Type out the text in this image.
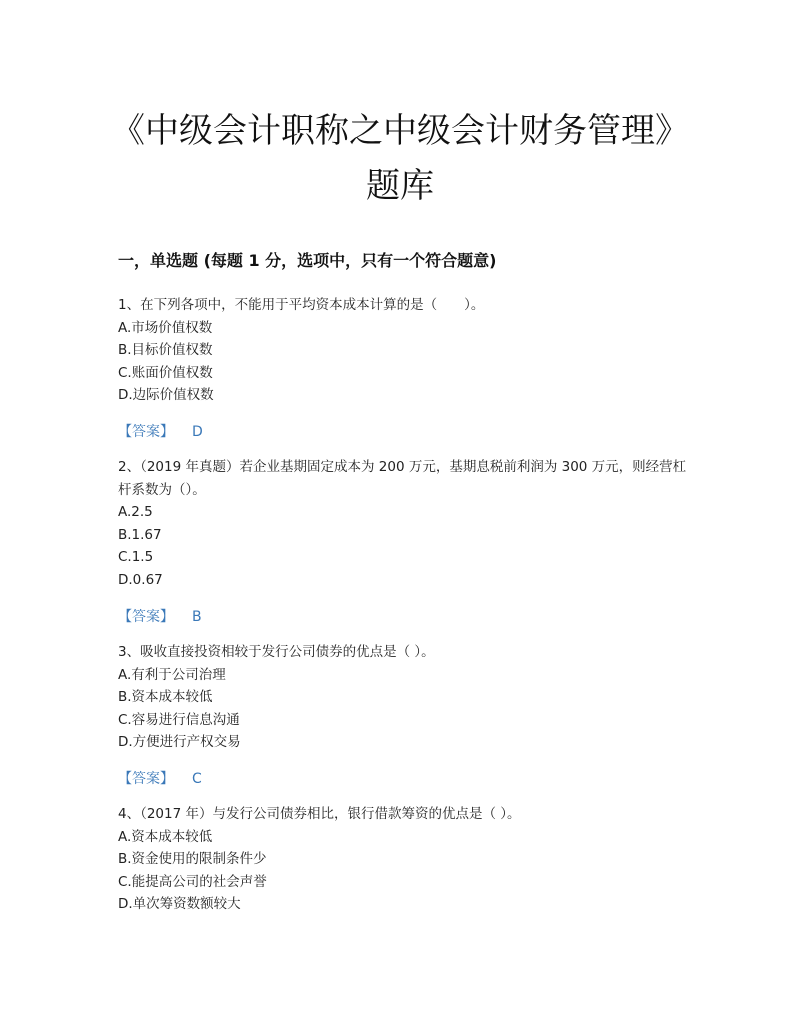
《中级会计职称之中级会计财务管理》题库
一，单选题 (每题 1 分，选项中，只有一个符合题意)
1、在下列各项中，不能用于平均资本成本计算的是（　　）。
A.市场价值权数
B.目标价值权数
C.账面价值权数
D.边际价值权数
【答案】 D
2、（2019 年真题）若企业基期固定成本为 200 万元，基期息税前利润为 300 万元，则经营杠杆系数为（）。
A.2.5
B.1.67
C.1.5
D.0.67
【答案】 B
3、吸收直接投资相较于发行公司债券的优点是（ ）。
A.有利于公司治理
B.资本成本较低
C.容易进行信息沟通
D.方便进行产权交易
【答案】 C
4、（2017 年）与发行公司债券相比，银行借款筹资的优点是（ ）。
A.资本成本较低
B.资金使用的限制条件少
C.能提高公司的社会声誉
D.单次筹资数额较大
